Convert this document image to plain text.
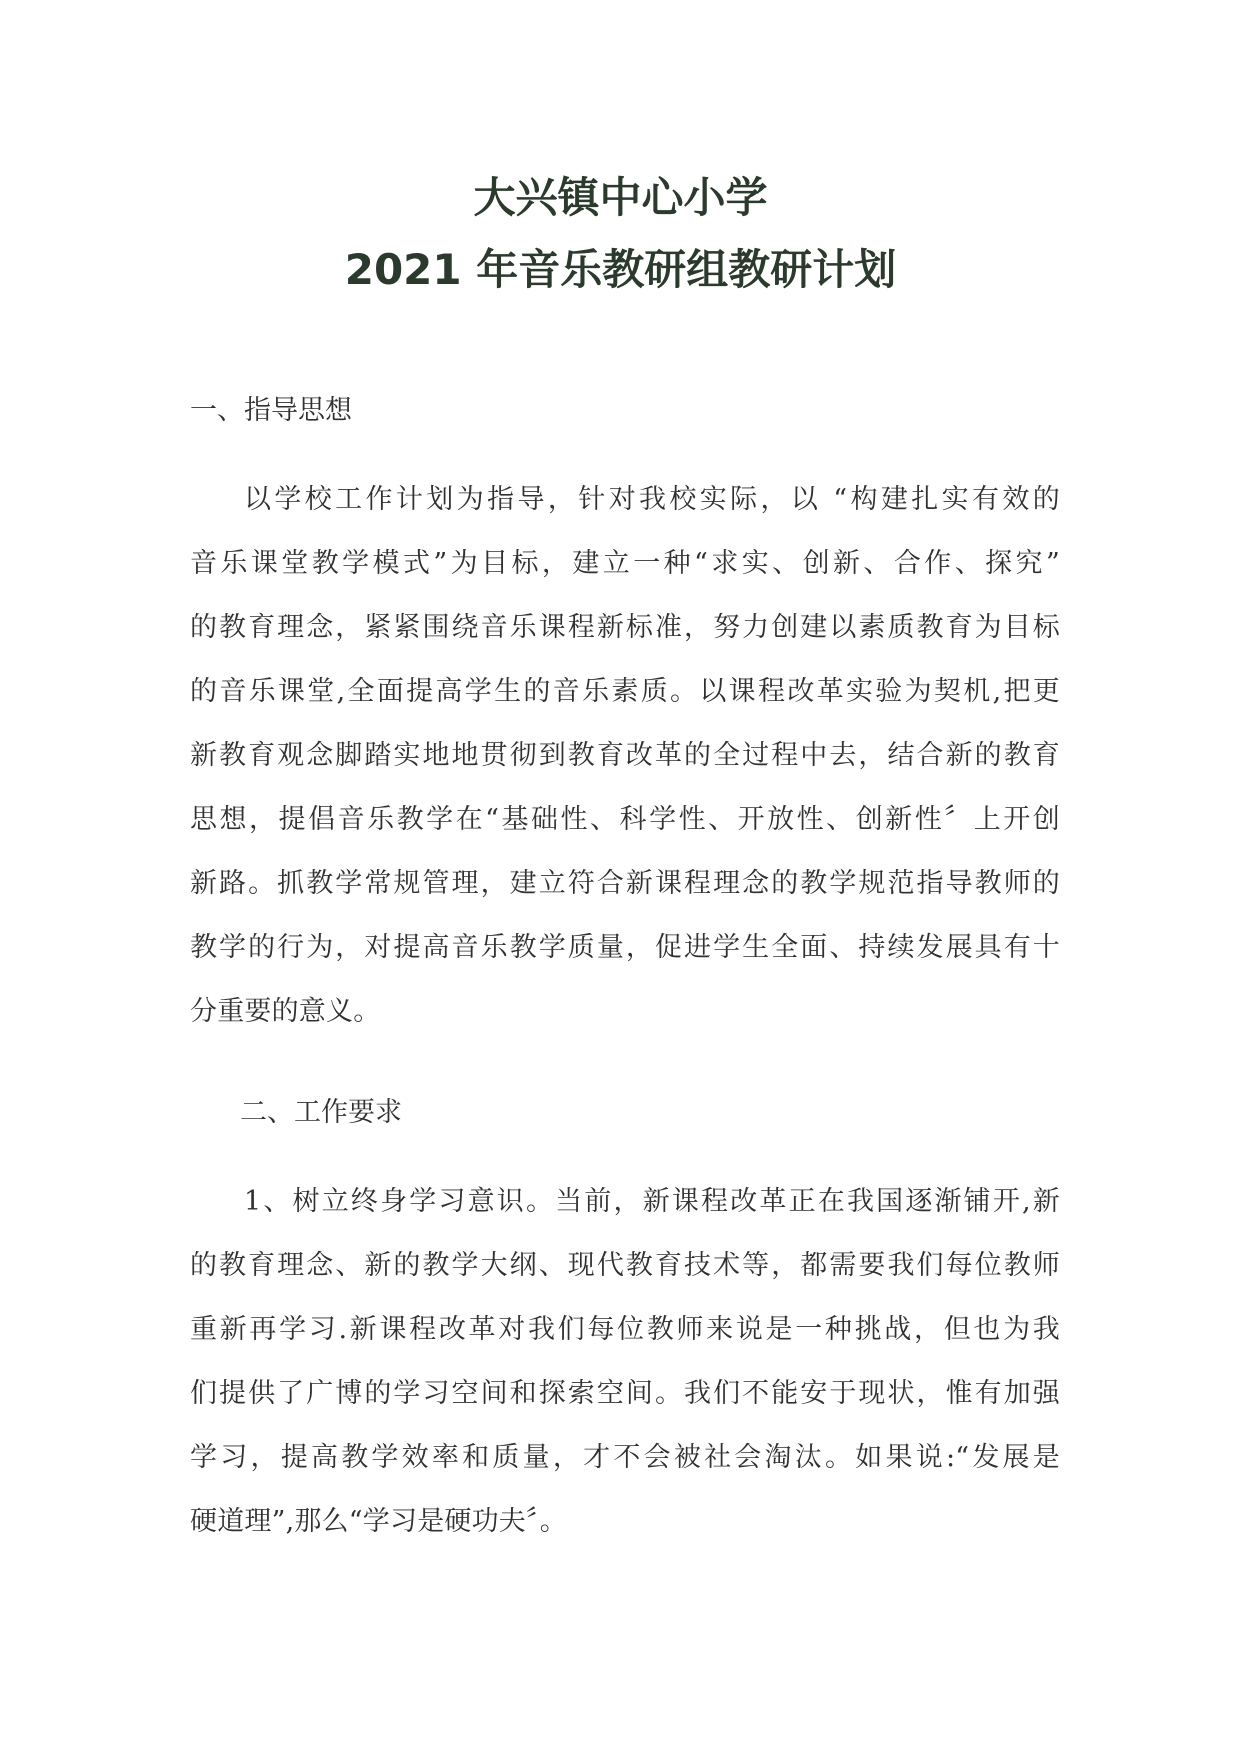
大兴镇中心小学
2021 年音乐教研组教研计划
一、指导思想
以学校工作计划为指导，针对我校实际，以 “构建扎实有效的
音乐课堂教学模式”为目标，建立一种“求实、创新、合作、探究”
的教育理念，紧紧围绕音乐课程新标准，努力创建以素质教育为目标
的音乐课堂,全面提高学生的音乐素质。以课程改革实验为契机,把更
新教育观念脚踏实地地贯彻到教育改革的全过程中去，结合新的教育
思想，提倡音乐教学在“基础性、科学性、开放性、创新性〞上开创
新路。抓教学常规管理，建立符合新课程理念的教学规范指导教师的
教学的行为，对提高音乐教学质量，促进学生全面、持续发展具有十
分重要的意义。
二、工作要求
1、树立终身学习意识。当前，新课程改革正在我国逐渐铺开,新
的教育理念、新的教学大纲、现代教育技术等，都需要我们每位教师
重新再学习.新课程改革对我们每位教师来说是一种挑战，但也为我
们提供了广博的学习空间和探索空间。我们不能安于现状，惟有加强
学习，提高教学效率和质量，才不会被社会淘汰。如果说:“发展是
硬道理”,那么“学习是硬功夫〞。
